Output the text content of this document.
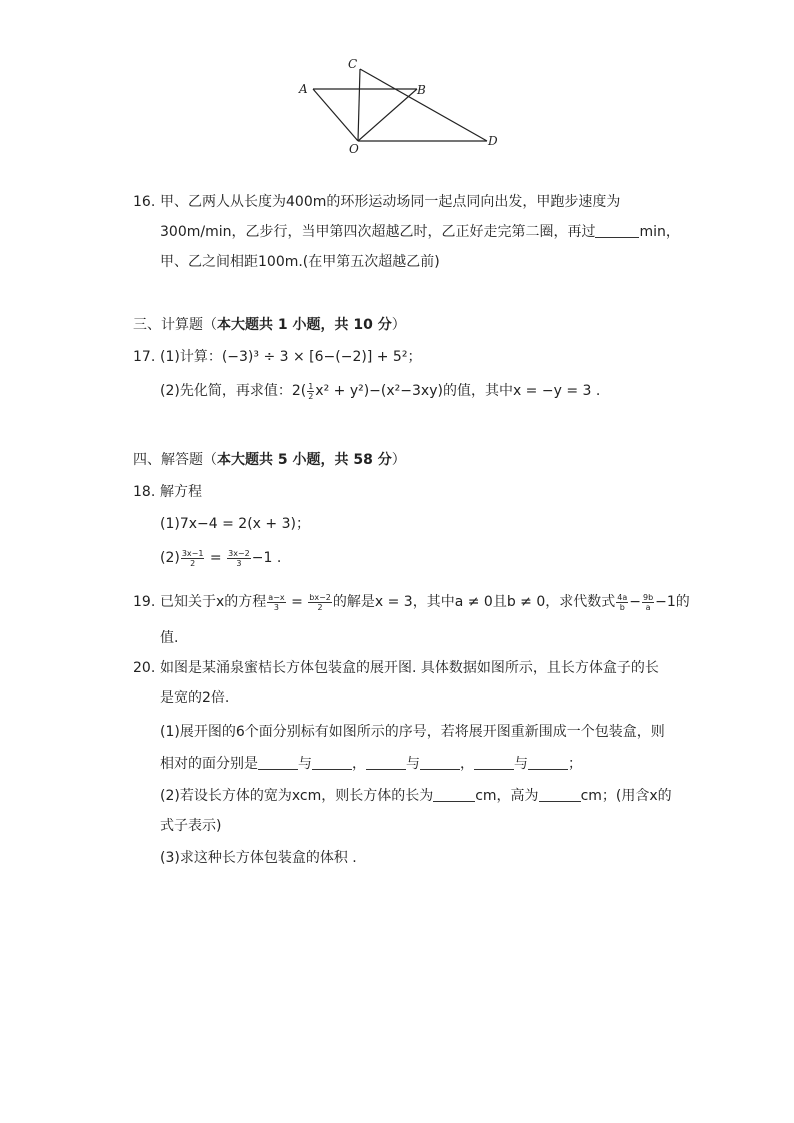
C
A	B
O
D
16. 甲、乙两人从长度为400m的环形运动场同一起点同向出发，甲跑步速度为
300m/min，乙步行，当甲第四次超越乙时，乙正好走完第二圈，再过	min，
甲、乙之间相距100m.(在甲第五次超越乙前)
三、计算题（本大题共 1 小题，共 10 分）
17. (1)计算：(−3)³ ÷ 3 × [6−(−2)] + 5²；
(2)先化简，再求值：$2( \frac{1}{2} x^2 + y^2)-(x^2-3xy)$的值，其中x = −y = 3 .
四、解答题（本大题共 5 小题，共 58 分）
18. 解方程
(1)7x−4 = 2(x + 3)；
$(2) \frac{3x-1}{2} = \frac{3x-2}{3} -1$ .
19. 已知关于x的方程 $\frac{a-x}{3} = \frac{bx-2}{2}$ 的解是x = 3，其中a ≠ 0且b ≠ 0，求代数式 $\frac{4a}{b} - \frac{9b}{a} -1$的
值.
20. 如图是某涌泉蜜桔长方体包装盒的展开图. 具体数据如图所示，且长方体盒子的长
是宽的2倍.
(1)展开图的6个面分别标有如图所示的序号，若将展开图重新围成一个包装盒，则
相对的面分别是	与	，	与	，	与	；
(2)若设长方体的宽为xcm，则长方体的长为	cm，高为	cm；(用含x的
式子表示)
(3)求这种长方体包装盒的体积 .
